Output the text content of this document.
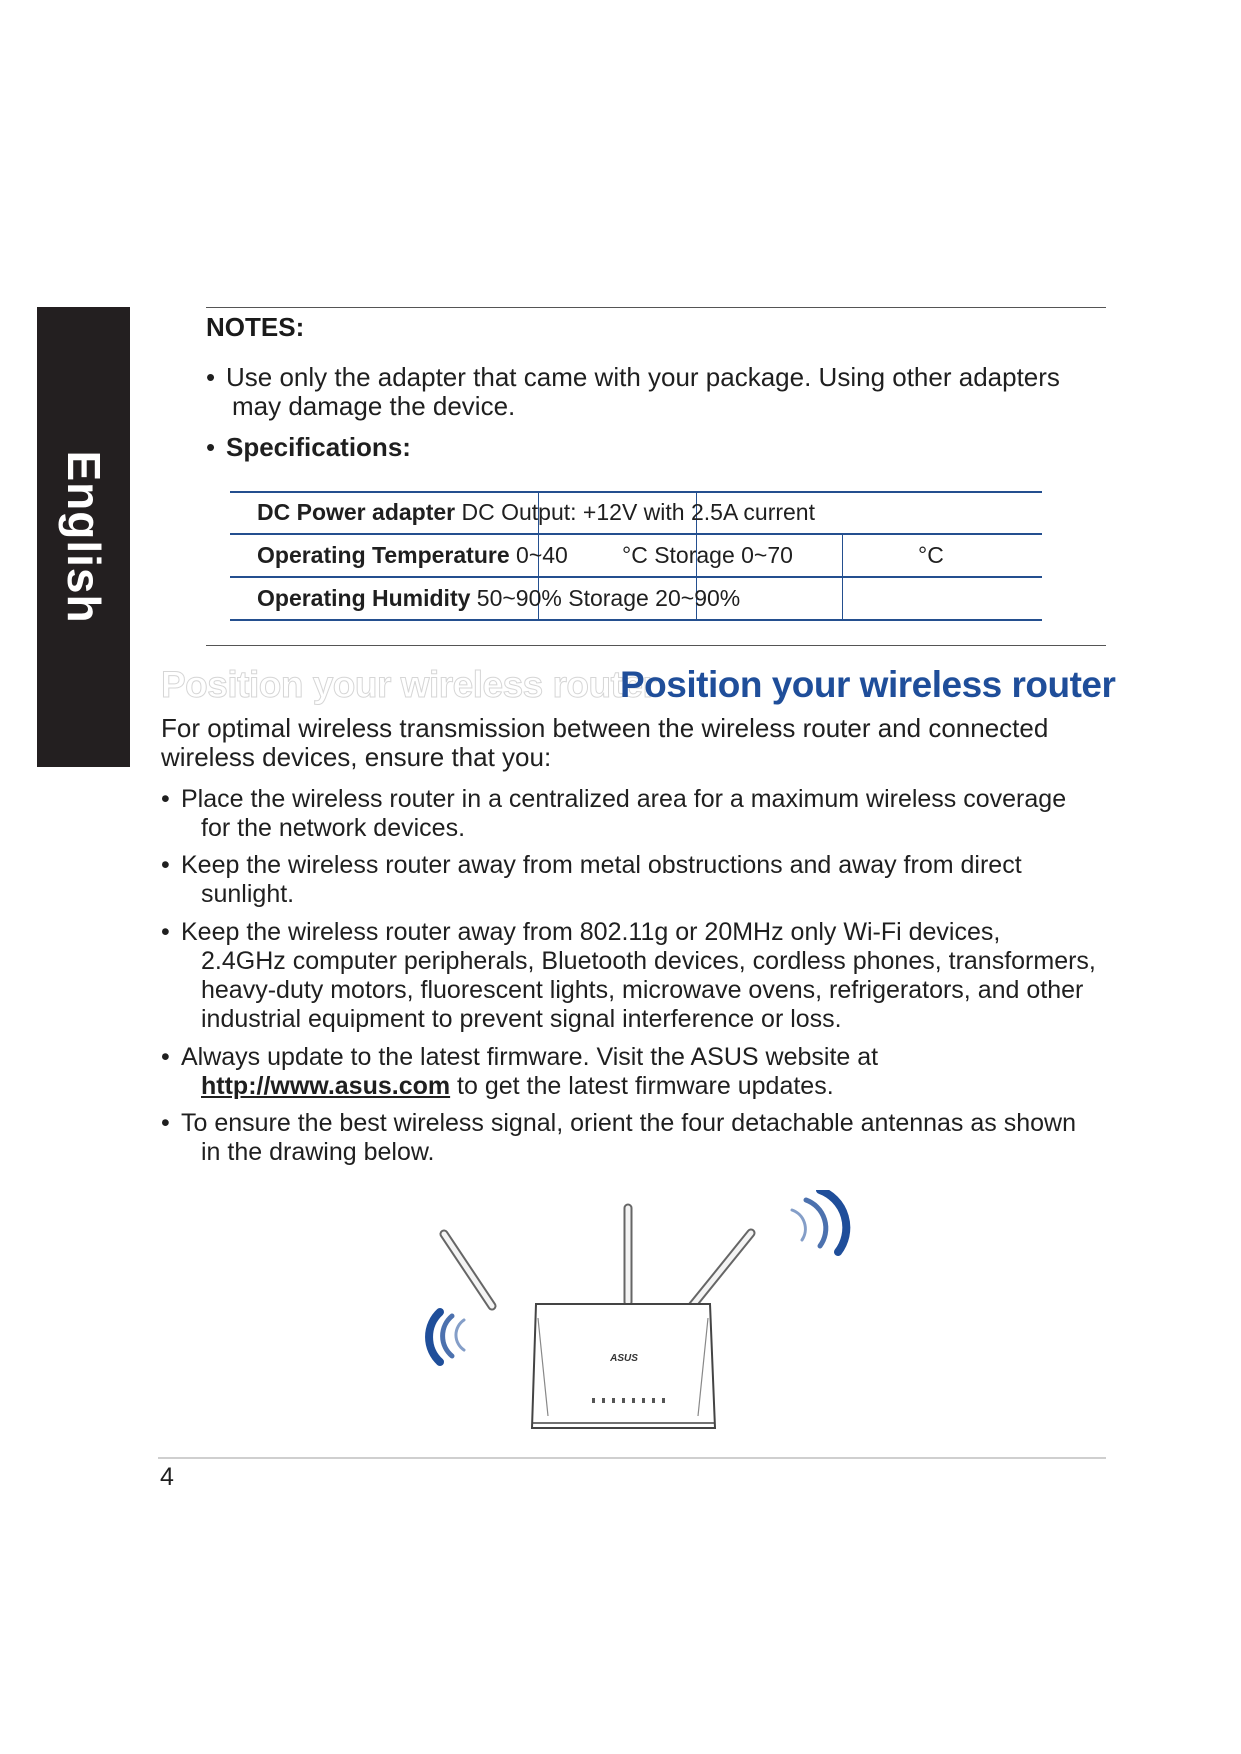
English
NOTES:
• Use only the adapter that came with your package. Using other adapters
may damage the device.
• Specifications:
DC Power adapter DC Output: +12V with 2.5A current
Operating Temperature 0~40 °C Storage 0~70	°C
Operating Humidity 50~90% Storage 20~90%
Position your wireless router
Position your wireless router
For optimal wireless transmission between the wireless router and connected
wireless devices, ensure that you:
• Place the wireless router in a centralized area for a maximum wireless coverage
for the network devices.
• Keep the wireless router away from metal obstructions and away from direct
sunlight.
• Keep the wireless router away from 802.11g or 20MHz only Wi-Fi devices,
2.4GHz computer peripherals, Bluetooth devices, cordless phones, transformers,
heavy-duty motors, fluorescent lights, microwave ovens, refrigerators, and other
industrial equipment to prevent signal interference or loss.
• Always update to the latest firmware. Visit the ASUS website at
http://www.asus.com to get the latest firmware updates.
• To ensure the best wireless signal, orient the four detachable antennas as shown
in the drawing below.
ASUS
4
